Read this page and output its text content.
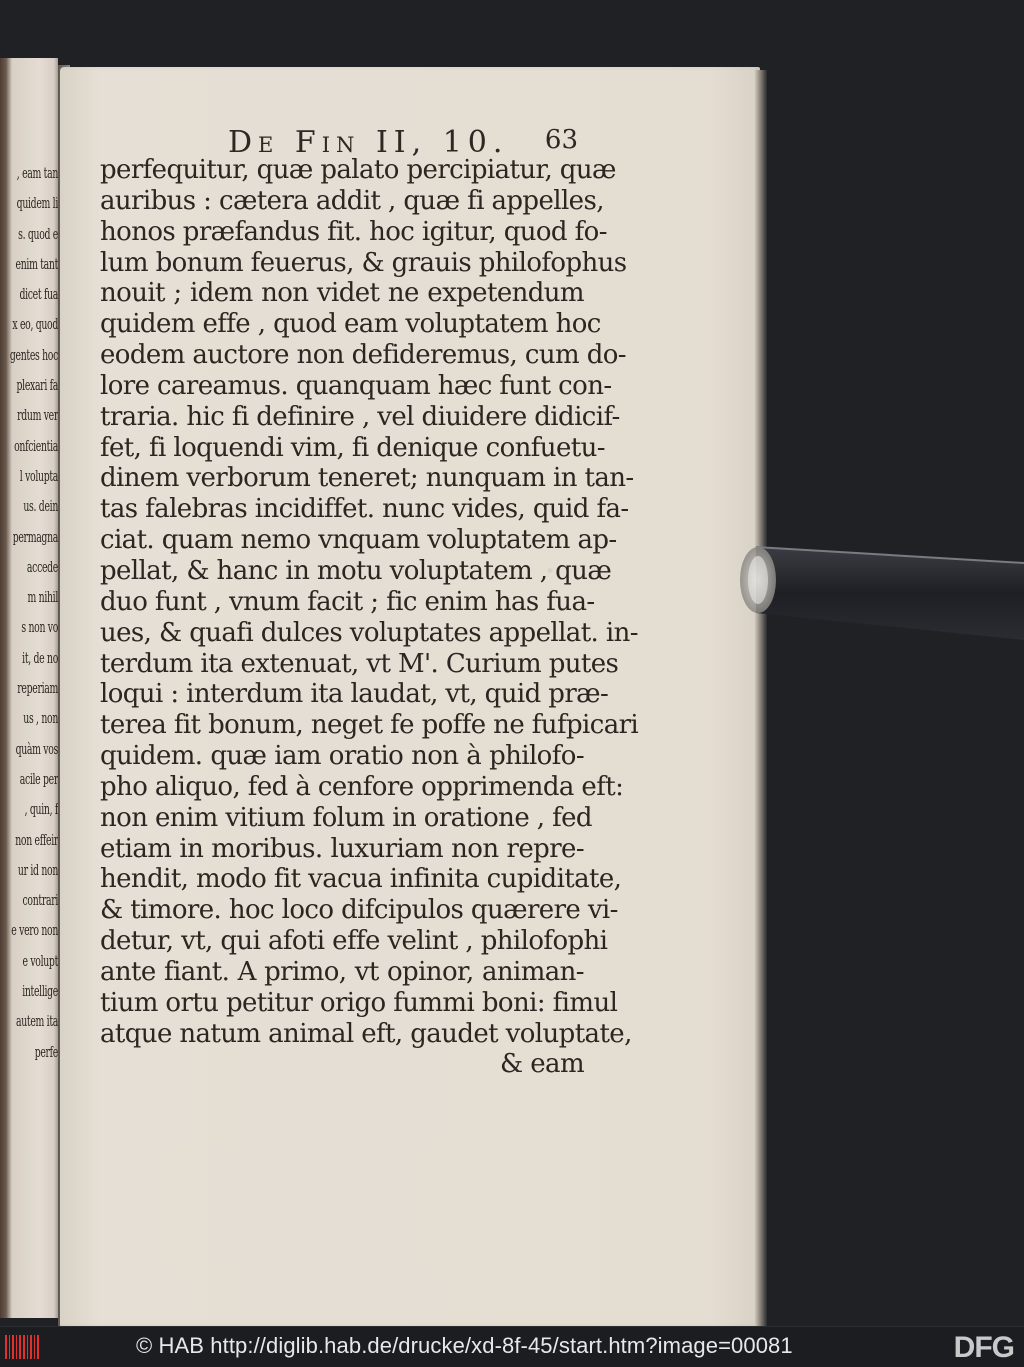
, eam tan
quidem li
s. quod e
enim tant
dicet fua
x eo, quod
gentes hoc
plexari fa
rdum ver
onfcientia
l volupta
us. dein
permagna
accede
m nihil
s non vo
it, de no
reperiam
us , non
quàm vos
acile per
, quin, f
non effeir
ur id non
contrari
e vero non
e volupt
intellige
autem ita
perfe
De Fin II, 10. 63
perfequitur, quæ palato percipiatur, quæ
auribus : cætera addit , quæ fi appelles,
honos præfandus fit. hoc igitur, quod fo-
lum bonum feuerus, & grauis philofophus
nouit ; idem non videt ne expetendum
quidem effe , quod eam voluptatem hoc
eodem auctore non defideremus, cum do-
lore careamus. quanquam hæc funt con-
traria. hic fi definire , vel diuidere didicif-
fet, fi loquendi vim, fi denique confuetu-
dinem verborum teneret; nunquam in tan-
tas falebras incidiffet. nunc vides, quid fa-
ciat. quam nemo vnquam voluptatem ap-
pellat, & hanc in motu voluptatem , quæ
duo funt , vnum facit ; fic enim has fua-
ues, & quafi dulces voluptates appellat. in-
terdum ita extenuat, vt M'. Curium putes
loqui : interdum ita laudat, vt, quid præ-
terea fit bonum, neget fe poffe ne fufpicari
quidem. quæ iam oratio non à philofo-
pho aliquo, fed à cenfore opprimenda eft:
non enim vitium folum in oratione , fed
etiam in moribus. luxuriam non repre-
hendit, modo fit vacua infinita cupiditate,
& timore. hoc loco difcipulos quærere vi-
detur, vt, qui afoti effe velint , philofophi
ante fiant. A primo, vt opinor, animan-
tium ortu petitur origo fummi boni: fimul
atque natum animal eft, gaudet voluptate,
& eam
© HAB http://diglib.hab.de/drucke/xd-8f-45/start.htm?image=00081	DFG
